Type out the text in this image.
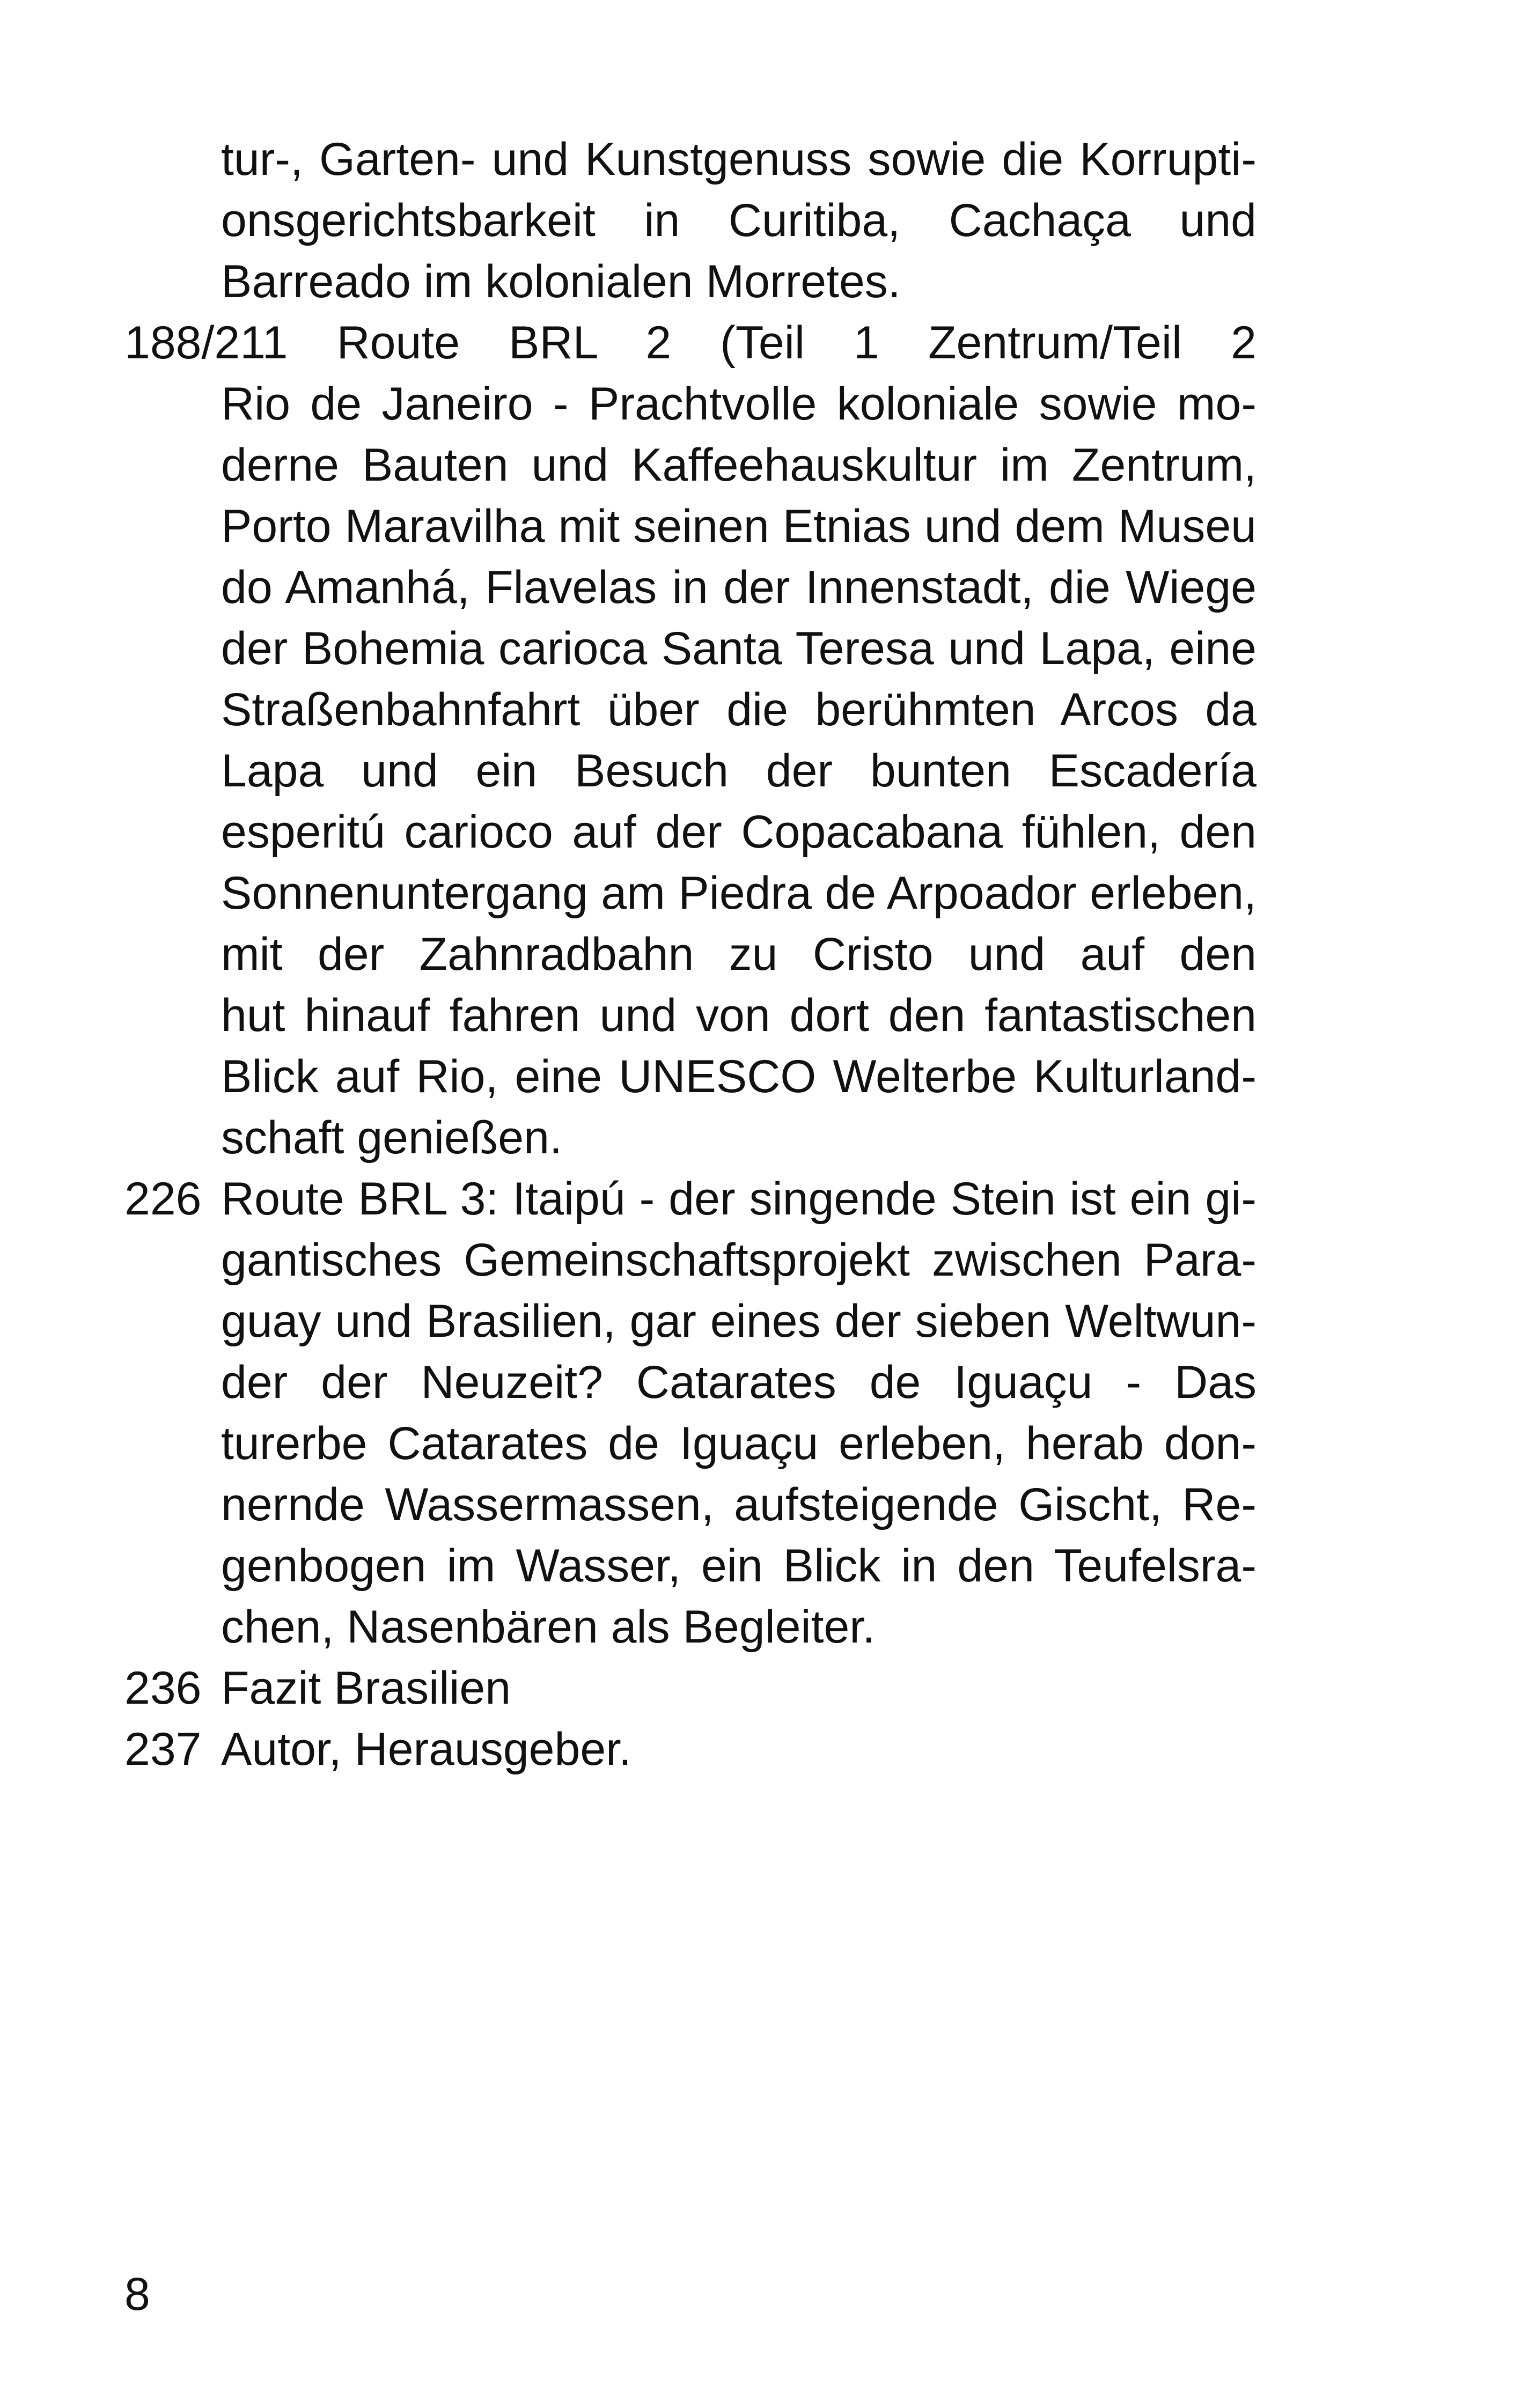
tur-, Garten- und Kunstgenuss sowie die Korrupti-
onsgerichtsbarkeit in Curitiba, Cachaça und
Barreado im kolonialen Morretes.
188/211 Route BRL 2 (Teil 1 Zentrum/Teil 2
Rio de Janeiro - Prachtvolle koloniale sowie mo-
derne Bauten und Kaffeehauskultur im Zentrum,
Porto Maravilha mit seinen Etnias und dem Museu
do Amanhá, Flavelas in der Innenstadt, die Wiege
der Bohemia carioca Santa Teresa und Lapa, eine
Straßenbahnfahrt über die berühmten Arcos da
Lapa und ein Besuch der bunten Escadería
esperitú carioco auf der Copacabana fühlen, den
Sonnenuntergang am Piedra de Arpoador erleben,
mit der Zahnradbahn zu Cristo und auf den
hut hinauf fahren und von dort den fantastischen
Blick auf Rio, eine UNESCO Welterbe Kulturland-
schaft genießen.
226 Route BRL 3: Itaipú - der singende Stein ist ein gi-
gantisches Gemeinschaftsprojekt zwischen Para-
guay und Brasilien, gar eines der sieben Weltwun-
der der Neuzeit? Catarates de Iguaçu - Das
turerbe Catarates de Iguaçu erleben, herab don-
nernde Wassermassen, aufsteigende Gischt, Re-
genbogen im Wasser, ein Blick in den Teufelsra-
chen, Nasenbären als Begleiter.
236 Fazit Brasilien
237 Autor, Herausgeber.
8
